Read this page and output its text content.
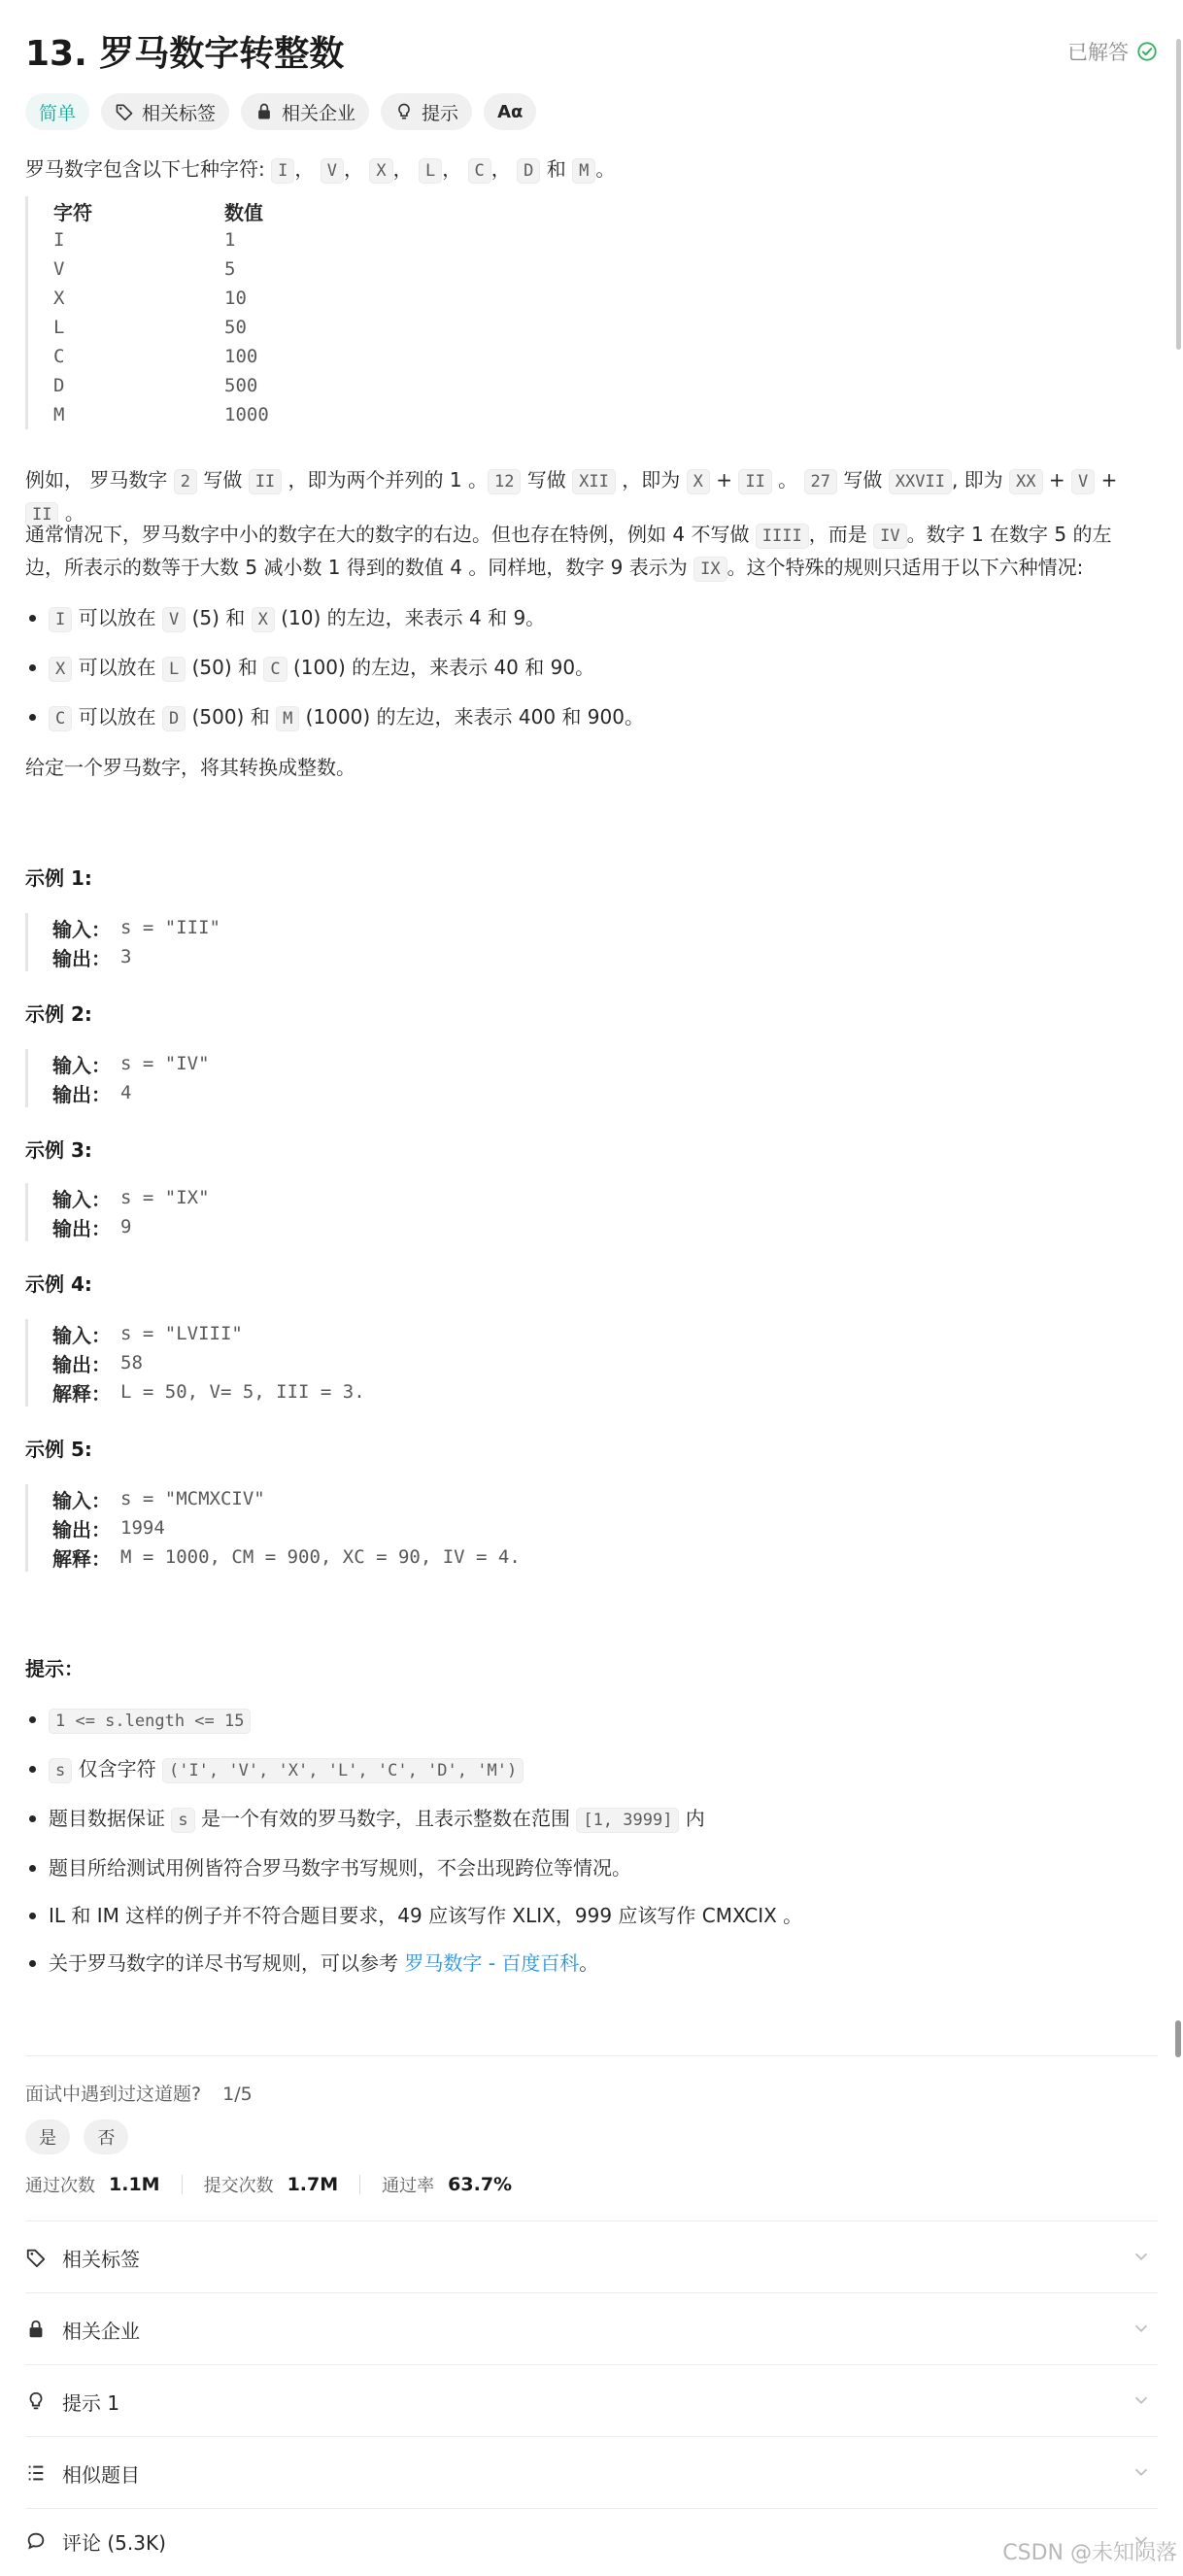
13. 罗马数字转整数	已解答
简单	相关标签	相关企业	提示 Aα
罗马数字包含以下七种字符: I ， V ， X ， L ， C ， D 和 M 。
字符	数值
I	1
V	5
X	10
L	50
C	100
D	500
M	1000
例如， 罗马数字 2 写做 II ，即为两个并列的 1 。 12 写做 XII ，即为 X + II 。 27 写做 XXVII , 即为 XX + V + II 。
通常情况下，罗马数字中小的数字在大的数字的右边。但也存在特例，例如 4 不写做 IIII ，而是 IV 。数字 1 在数字 5 的左边，所表示的数等于大数 5 减小数 1 得到的数值 4 。同样地，数字 9 表示为 IX 。这个特殊的规则只适用于以下六种情况:
I 可以放在 V (5) 和 X (10) 的左边，来表示 4 和 9。
X 可以放在 L (50) 和 C (100) 的左边，来表示 40 和 90。
C 可以放在 D (500) 和 M (1000) 的左边，来表示 400 和 900。
给定一个罗马数字，将其转换成整数。
示例 1:
输入： s = "III"
输出： 3
示例 2:
输入： s = "IV"
输出： 4
示例 3:
输入： s = "IX"
输出： 9
示例 4:
输入： s = "LVIII"
输出： 58
解释： L = 50, V= 5, III = 3.
示例 5:
输入： s = "MCMXCIV"
输出： 1994
解释： M = 1000, CM = 900, XC = 90, IV = 4.
提示：
1 <= s.length <= 15
s 仅含字符 ('I', 'V', 'X', 'L', 'C', 'D', 'M')
题目数据保证 s 是一个有效的罗马数字，且表示整数在范围 [1, 3999] 内
题目所给测试用例皆符合罗马数字书写规则，不会出现跨位等情况。
IL 和 IM 这样的例子并不符合题目要求，49 应该写作 XLIX，999 应该写作 CMXCIX 。
关于罗马数字的详尽书写规则，可以参考 罗马数字 - 百度百科。
面试中遇到过这道题? 1/5
是 否
通过次数 1.1M	提交次数 1.7M	通过率 63.7%
相关标签
相关企业
提示 1
相似题目
评论 (5.3K)	CSDN @未知陨落
